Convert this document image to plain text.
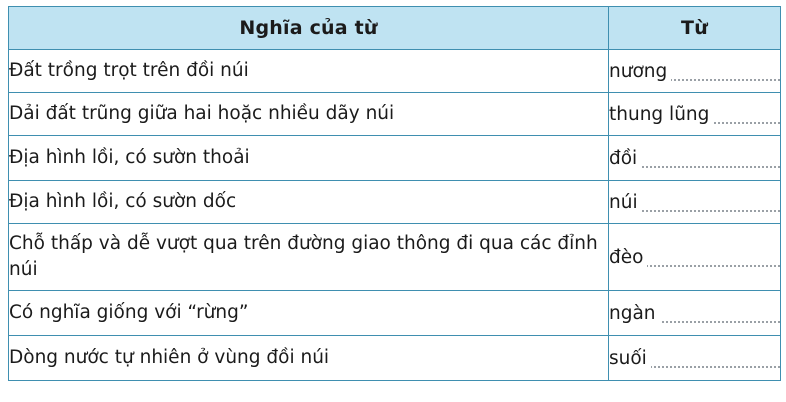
Nghĩa của từ	Từ
Đất trồng trọt trên đồi núi	nương

Dải đất trũng giữa hai hoặc nhiều dãy núi	thung lũng

Địa hình lồi, có sườn thoải	đồi

Địa hình lồi, có sườn dốc	núi

Chỗ thấp và dễ vượt qua trên đường giao thông đi qua các đỉnh núi	đèo

Có nghĩa giống với “rừng”	ngàn

Dòng nước tự nhiên ở vùng đồi núi	suối
